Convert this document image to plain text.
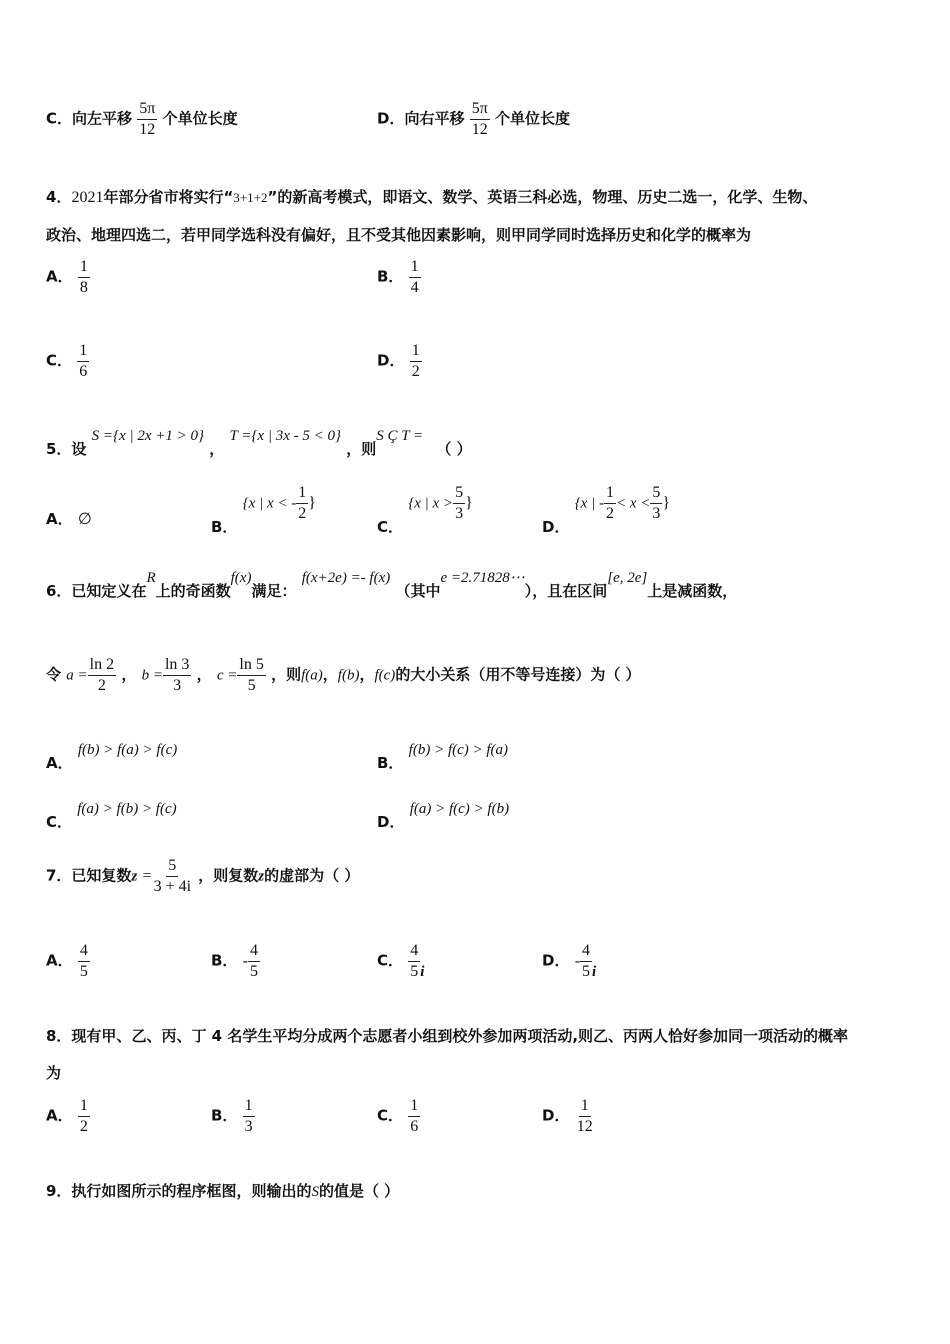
C．向左平移 $\frac{5\pi}{12}$ 个单位长度	D．向右平移 $\frac{5\pi}{12}$ 个单位长度
4．2021年部分省市将实行“3+1+2”的新高考模式，即语文、数学、英语三科必选，物理、历史二选一，化学、生物、
政治、地理四选二，若甲同学选科没有偏好，且不受其他因素影响，则甲同学同时选择历史和化学的概率为
A． $\frac{1}{8}$	B． $\frac{1}{4}$
C． $\frac{1}{6}$	D． $\frac{1}{2}$
5．设 S ={x | 2x +1 > 0} ， T ={x | 3x - 5 < 0} ，则S Ç T = （ ）
A． ∅	B． {x | x < - $\frac{1}{2}$ }
C． {x | $x > \frac{5}{3}$ }
D． {x | - $\frac{1}{2} < x < \frac{5}{3}$ }
6．已知定义在R上的奇函数f(x)满足： f(x+2e) =- f(x) （其中e =2.71828⋯），且在区间[e, 2e]上是减函数，
令 $a = \frac{\ln 2}{2}$ ， $b = \frac{\ln 3}{3}$ ， $c = \frac{\ln 5}{5}$ ，则f(a)，f(b)，f(c)的大小关系（用不等号连接）为（ ）
A． f(b) > f(a) > f(c)
B． f(b) > f(c) > f(a)
C． f(a) > f(b) > f(c)
D． f(a) > f(c) > f(b)
7．已知复数$z = \frac{5}{3 + 4i}$ ，则复数z的虚部为（ ）
A． $\frac{4}{5}$	B． - $\frac{4}{5}$	C． $\frac{4}{5}$ i
D． - $\frac{4}{5}$ i
8．现有甲、乙、丙、丁 4 名学生平均分成两个志愿者小组到校外参加两项活动,则乙、丙两人恰好参加同一项活动的概率
为
A． $\frac{1}{2}$	B． $\frac{1}{3}$	C． $\frac{1}{6}$	D． $\frac{1}{12}$
9．执行如图所示的程序框图，则输出的S的值是（ ）
